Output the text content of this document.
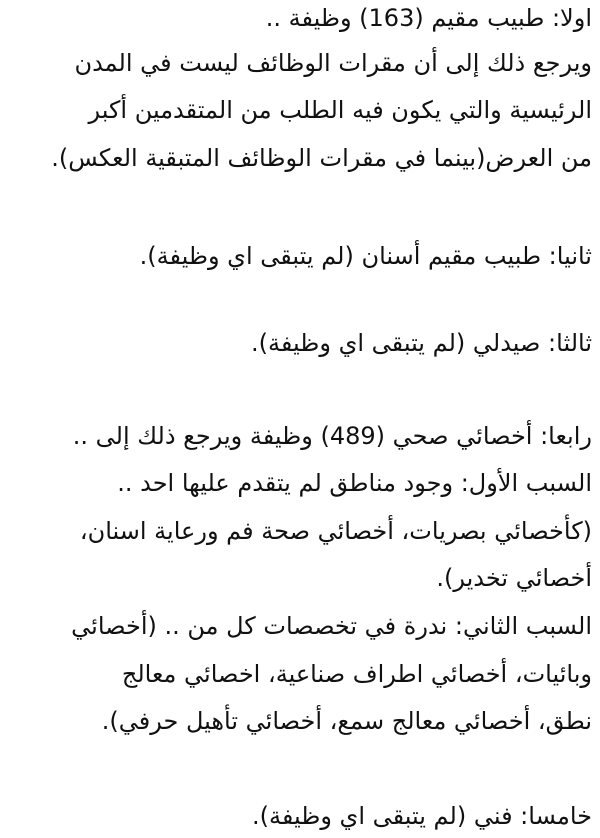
اولا: طبيب مقيم (163) وظيفة ..
ويرجع ذلك إلى أن مقرات الوظائف ليست في المدن
الرئيسية والتي يكون فيه الطلب من المتقدمين أكبر
من العرض(بينما في مقرات الوظائف المتبقية العكس).
ثانيا: طبيب مقيم أسنان (لم يتبقى اي وظيفة).
ثالثا: صيدلي (لم يتبقى اي وظيفة).
رابعا: أخصائي صحي (489) وظيفة ويرجع ذلك إلى ..
السبب الأول: وجود مناطق لم يتقدم عليها احد ..
(كأخصائي بصريات، أخصائي صحة فم ورعاية اسنان،
أخصائي تخدير).
السبب الثاني: ندرة في تخصصات كل من .. (أخصائي
وبائيات، أخصائي اطراف صناعية، اخصائي معالج
نطق، أخصائي معالج سمع، أخصائي تأهيل حرفي).
خامسا: فني (لم يتبقى اي وظيفة).
